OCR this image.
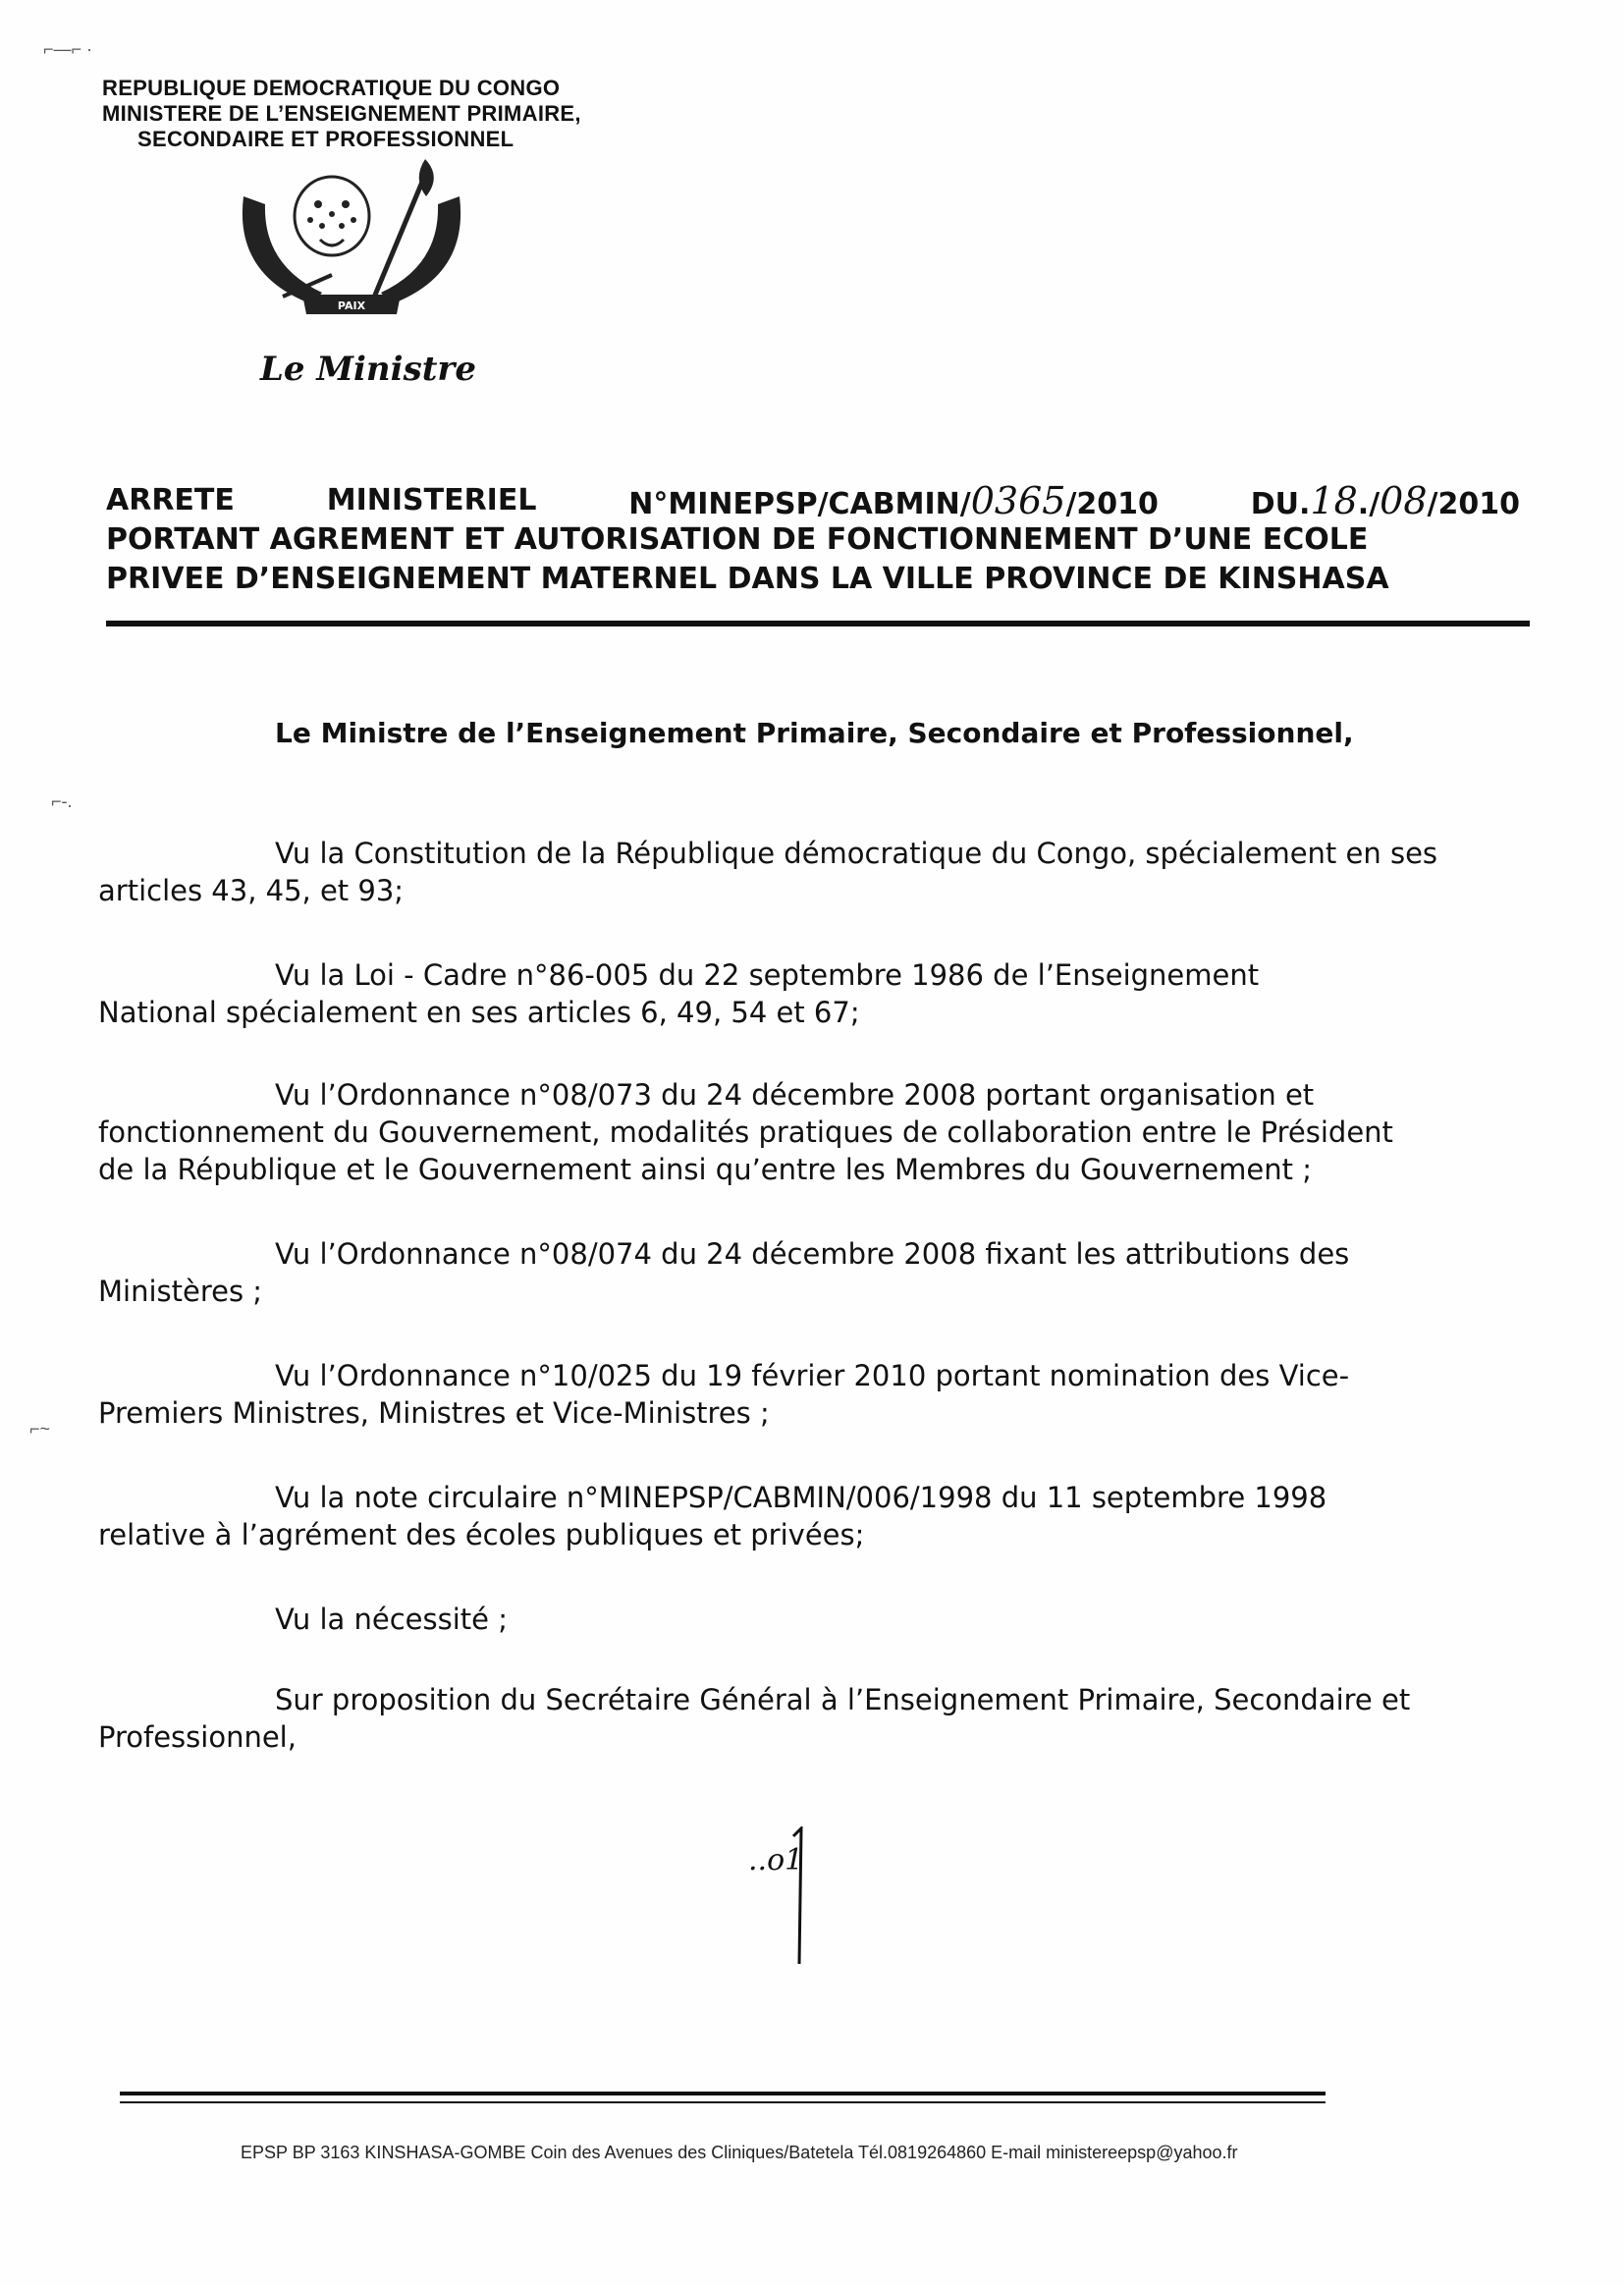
⌐—⌐ ·
⌐-.
⌐~
REPUBLIQUE DEMOCRATIQUE DU CONGO
MINISTERE DE L’ENSEIGNEMENT PRIMAIRE,
SECONDAIRE ET PROFESSIONNEL
PAIX
Le Ministre
ARRETE	MINISTERIEL	N°MINEPSP/CABMIN/0365/2010	DU.18./08/2010
PORTANT AGREMENT ET AUTORISATION DE FONCTIONNEMENT D’UNE ECOLE
PRIVEE D’ENSEIGNEMENT MATERNEL DANS LA VILLE PROVINCE DE KINSHASA
Le Ministre de l’Enseignement Primaire, Secondaire et Professionnel,
Vu la Constitution de la République démocratique du Congo, spécialement en ses
articles 43, 45, et 93;
Vu la Loi - Cadre n°86-005 du 22 septembre 1986 de l’Enseignement
National spécialement en ses articles 6, 49, 54 et 67;
Vu l’Ordonnance n°08/073 du 24 décembre 2008 portant organisation et
fonctionnement du Gouvernement, modalités pratiques de collaboration entre le Président
de la République et le Gouvernement ainsi qu’entre les Membres du Gouvernement ;
Vu l’Ordonnance n°08/074 du 24 décembre 2008 fixant les attributions des
Ministères ;
Vu l’Ordonnance n°10/025 du 19 février 2010 portant nomination des Vice-
Premiers Ministres, Ministres et Vice-Ministres ;
Vu la note circulaire n°MINEPSP/CABMIN/006/1998 du 11 septembre 1998
relative à l’agrément des écoles publiques et privées;
Vu la nécessité ;
Sur proposition du Secrétaire Général à l’Enseignement Primaire, Secondaire et
Professionnel,
..o1
EPSP BP 3163 KINSHASA-GOMBE Coin des Avenues des Cliniques/Batetela Tél.0819264860 E-mail ministereepsp@yahoo.fr
